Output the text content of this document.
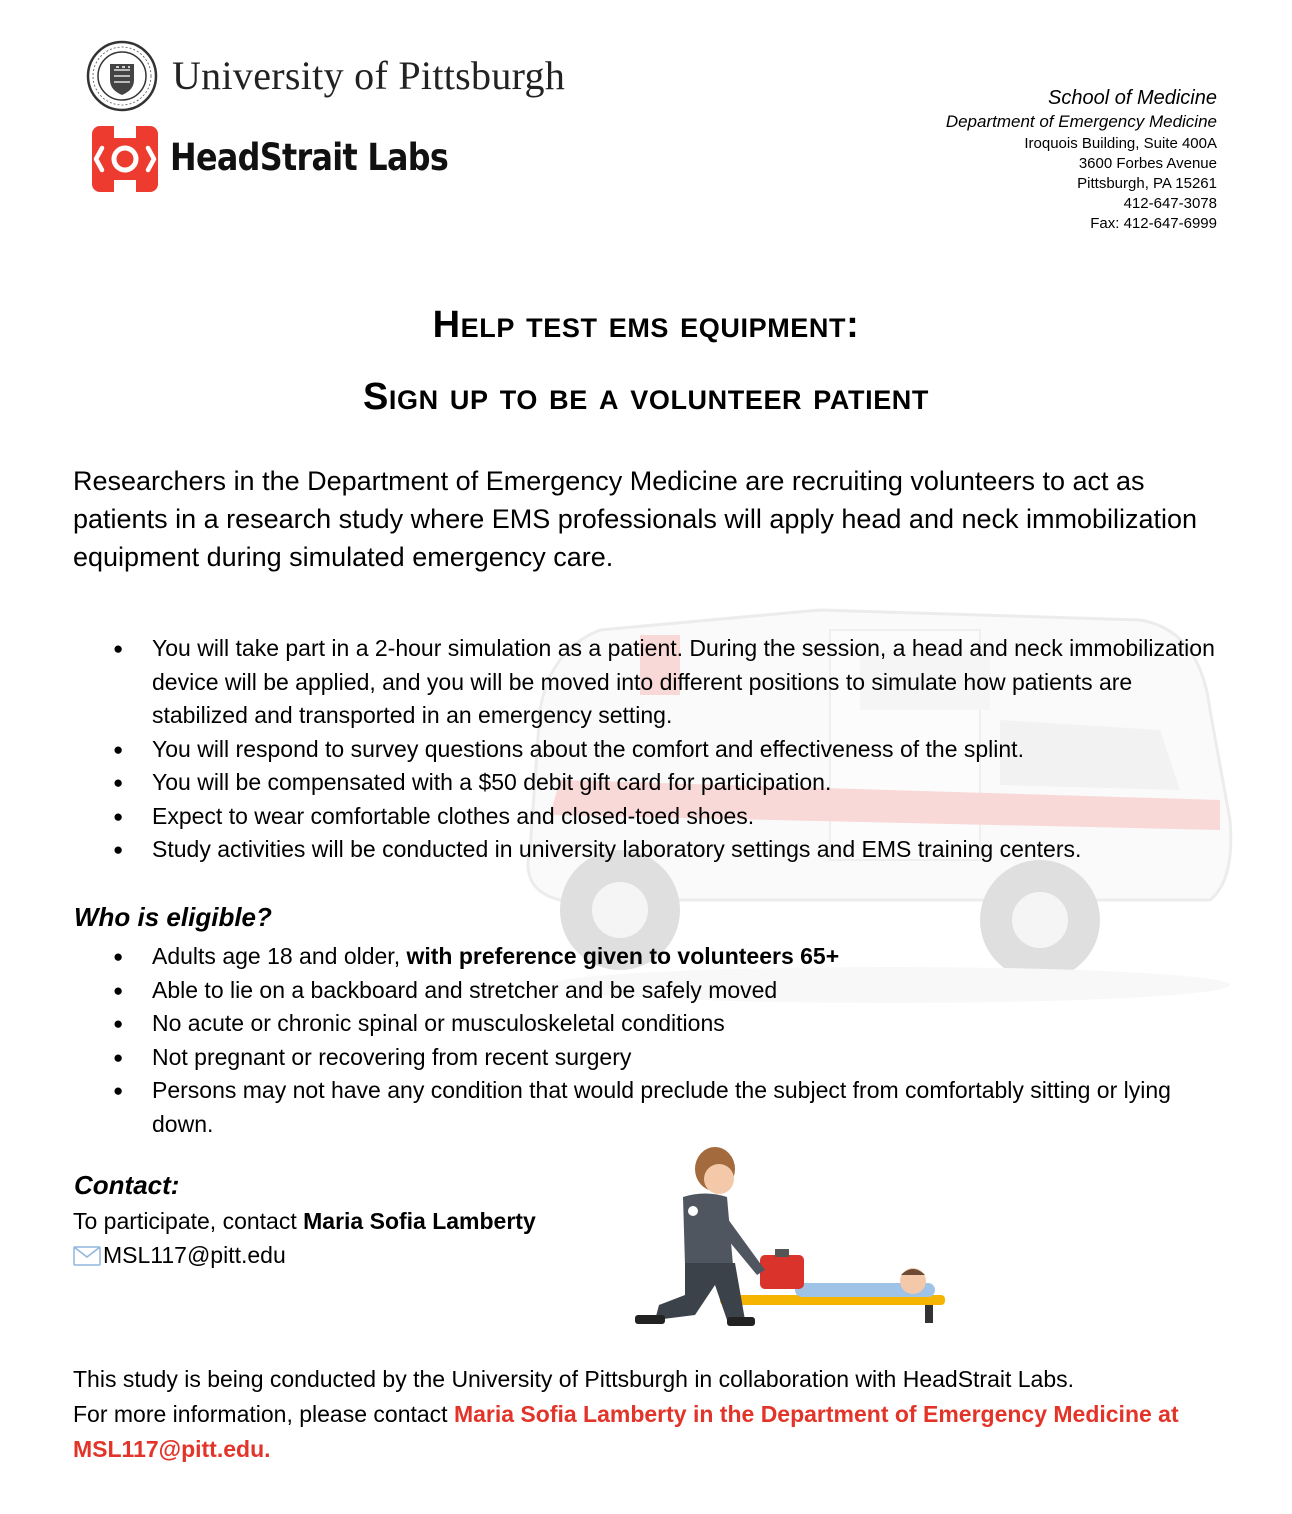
University of Pittsburgh
HeadStrait Labs
School of Medicine
Department of Emergency Medicine
Iroquois Building, Suite 400A
3600 Forbes Avenue
Pittsburgh, PA 15261
412-647-3078
Fax: 412-647-6999
Help test ems equipment:
Sign up to be a volunteer patient
Researchers in the Department of Emergency Medicine are recruiting volunteers to act as patients in a research study where EMS professionals will apply head and neck immobilization equipment during simulated emergency care.
● You will take part in a 2-hour simulation as a patient. During the session, a head and neck immobilization device will be applied, and you will be moved into different positions to simulate how patients are stabilized and transported in an emergency setting.
● You will respond to survey questions about the comfort and effectiveness of the splint.
● You will be compensated with a $50 debit gift card for participation.
● Expect to wear comfortable clothes and closed-toed shoes.
● Study activities will be conducted in university laboratory settings and EMS training centers.
Who is eligible?
● Adults age 18 and older, with preference given to volunteers 65+
● Able to lie on a backboard and stretcher and be safely moved
● No acute or chronic spinal or musculoskeletal conditions
● Not pregnant or recovering from recent surgery
● Persons may not have any condition that would preclude the subject from comfortably sitting or lying down.
Contact:
To participate, contact Maria Sofia Lamberty
MSL117@pitt.edu
This study is being conducted by the University of Pittsburgh in collaboration with HeadStrait Labs.
For more information, please contact Maria Sofia Lamberty in the Department of Emergency Medicine at MSL117@pitt.edu.
